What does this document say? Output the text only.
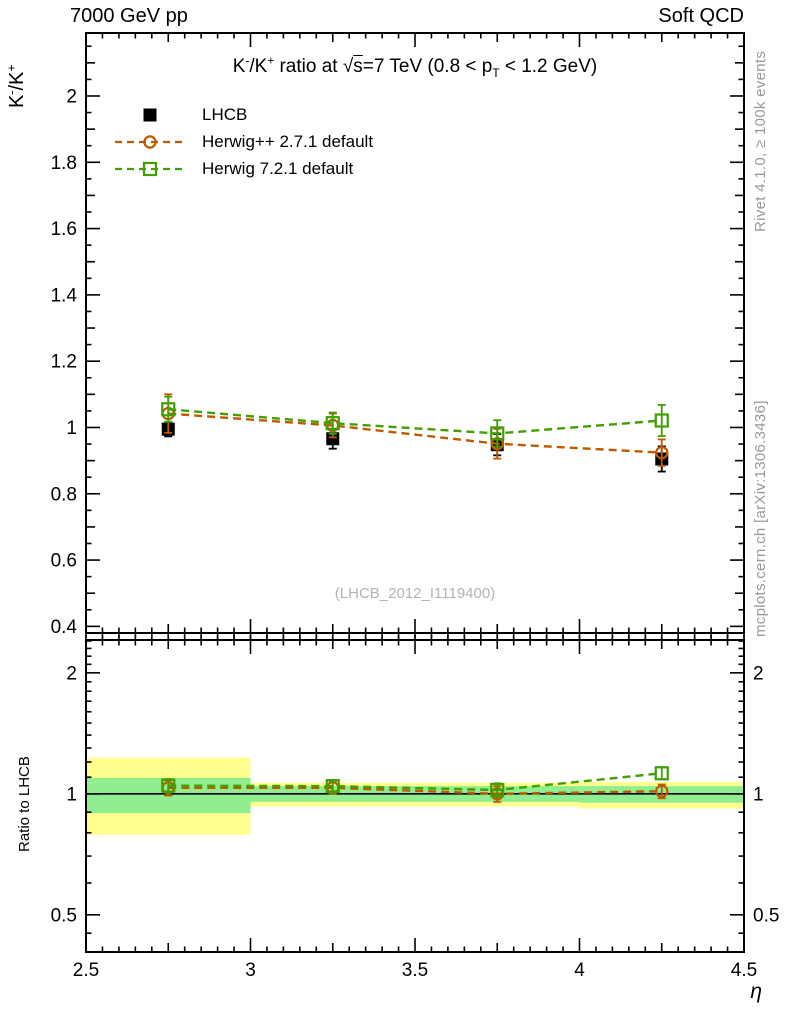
0.4
0.6
0.8
1
1.2
1.4
1.6
1.8
2
0.5	0.5
1	1
2	2
2.5	3	3.5	4	4.5
7000 GeV pp	Soft QCD
K-/K+ ratio at √s=7 TeV ($0.8 < p_T < 1.2$ GeV)
K-/K+
LHCB
Herwig++ 2.7.1 default
Herwig 7.2.1 default
(LHCB_2012_I1119400)
Rivet 4.1.0, ≥ 100k events
mcplots.cern.ch [arXiv:1306.3436]
Ratio to LHCB
η
